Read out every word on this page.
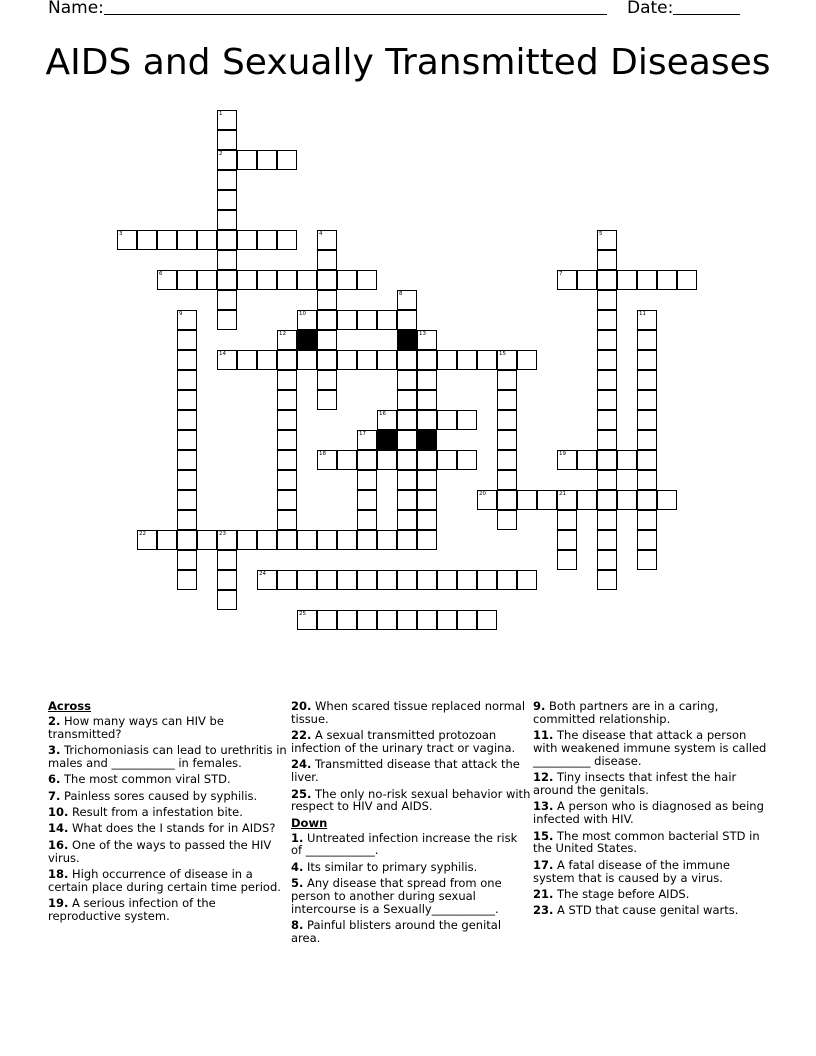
Name:	Date:
AIDS and Sexually Transmitted Diseases
1
2
3	4	5
6	7
8
9	10	11
12	13
14	15
16
17
18	19
20	21
22	23
24
25
Across
2. How many ways can HIV be transmitted?
3. Trichomoniasis can lead to urethritis in males and ___________ in females.
6. The most common viral STD.
7. Painless sores caused by syphilis.
10. Result from a infestation bite.
14. What does the I stands for in AIDS?
16. One of the ways to passed the HIV virus.
18. High occurrence of disease in a certain place during certain time period.
19. A serious infection of the reproductive system.
20. When scared tissue replaced normal tissue.
22. A sexual transmitted protozoan infection of the urinary tract or vagina.
24. Transmitted disease that attack the liver.
25. The only no-risk sexual behavior with respect to HIV and AIDS.
Down
1. Untreated infection increase the risk of ____________.
4. Its similar to primary syphilis.
5. Any disease that spread from one person to another during sexual intercourse is a Sexually___________.
8. Painful blisters around the genital area.
9. Both partners are in a caring, committed relationship.
11. The disease that attack a person with weakened immune system is called __________ disease.
12. Tiny insects that infest the hair around the genitals.
13. A person who is diagnosed as being infected with HIV.
15. The most common bacterial STD in the United States.
17. A fatal disease of the immune system that is caused by a virus.
21. The stage before AIDS.
23. A STD that cause genital warts.
